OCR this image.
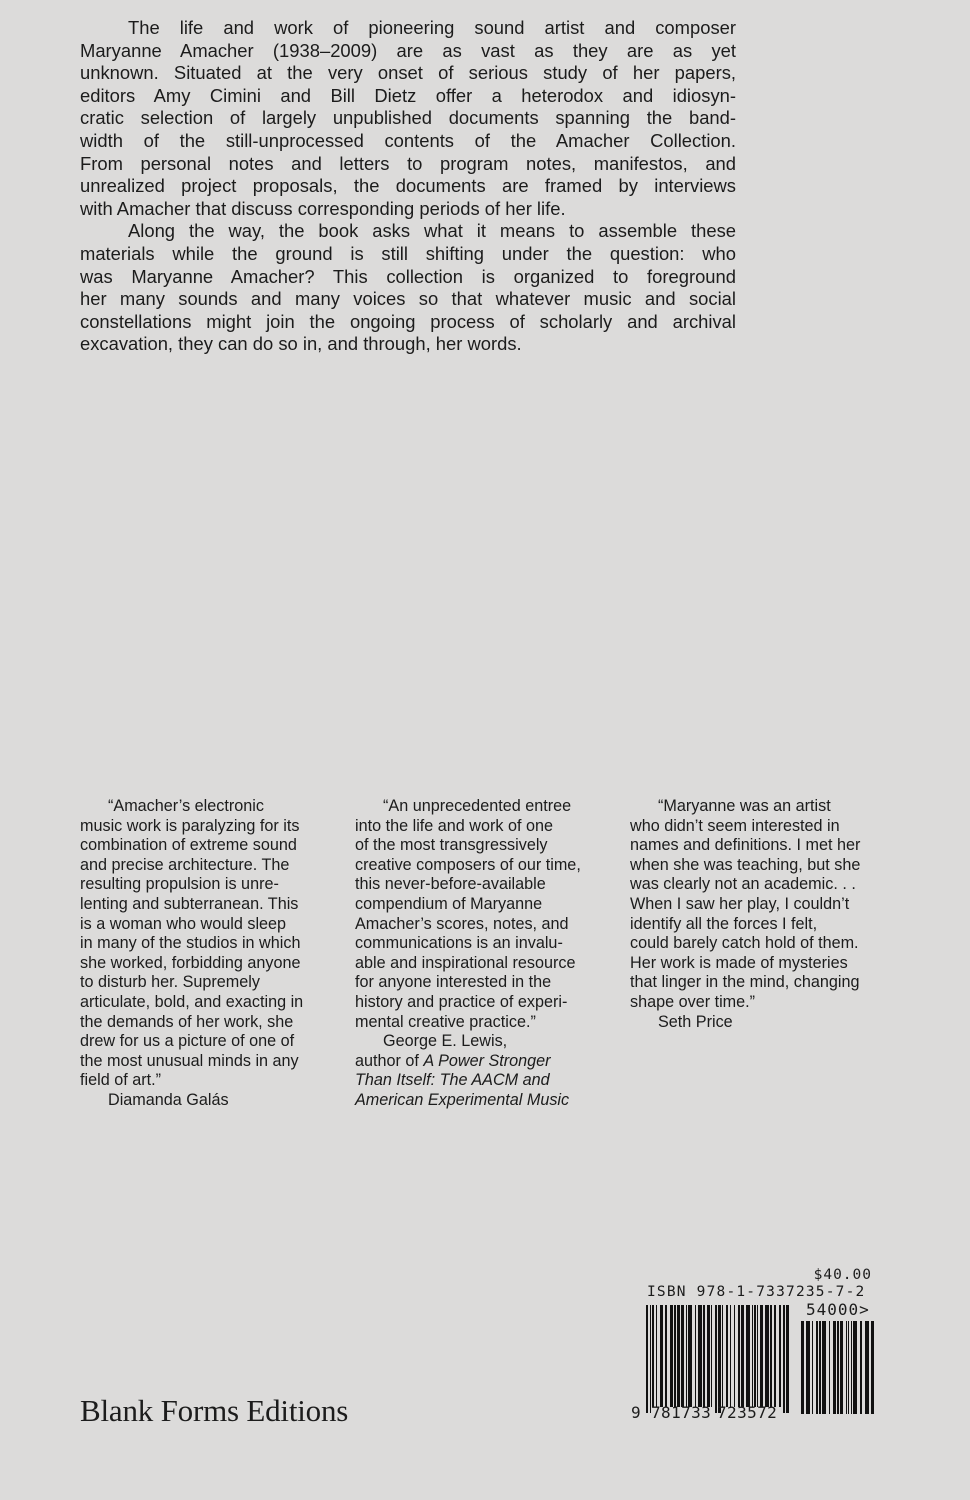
The life and work of pioneering sound artist and composer
Maryanne Amacher (1938–2009) are as vast as they are as yet
unknown. Situated at the very onset of serious study of her papers,
editors Amy Cimini and Bill Dietz offer a heterodox and idiosyn-
cratic selection of largely unpublished documents spanning the band-
width of the still-unprocessed contents of the Amacher Collection.
From personal notes and letters to program notes, manifestos, and
unrealized project proposals, the documents are framed by interviews
with Amacher that discuss corresponding periods of her life.
Along the way, the book asks what it means to assemble these
materials while the ground is still shifting under the question: who
was Maryanne Amacher? This collection is organized to foreground
her many sounds and many voices so that whatever music and social
constellations might join the ongoing process of scholarly and archival
excavation, they can do so in, and through, her words.
“Amacher’s electronic
music work is paralyzing for its
combination of extreme sound
and precise architecture. The
resulting propulsion is unre-
lenting and subterranean. This
is a woman who would sleep
in many of the studios in which
she worked, forbidding anyone
to disturb her. Supremely
articulate, bold, and exacting in
the demands of her work, she
drew for us a picture of one of
the most unusual minds in any
field of art.”
Diamanda Galás
“An unprecedented entree
into the life and work of one
of the most transgressively
creative composers of our time,
this never-before-available
compendium of Maryanne
Amacher’s scores, notes, and
communications is an invalu-
able and inspirational resource
for anyone interested in the
history and practice of experi-
mental creative practice.”
George E. Lewis,
author of A Power Stronger
Than Itself: The AACM and
American Experimental Music
“Maryanne was an artist
who didn’t seem interested in
names and definitions. I met her
when she was teaching, but she
was clearly not an academic. . .
When I saw her play, I couldn’t
identify all the forces I felt,
could barely catch hold of them.
Her work is made of mysteries
that linger in the mind, changing
shape over time.”
Seth Price
Blank Forms Editions
$40.00
ISBN 978-1-7337235-7-2
54000>
9 781733 723572
